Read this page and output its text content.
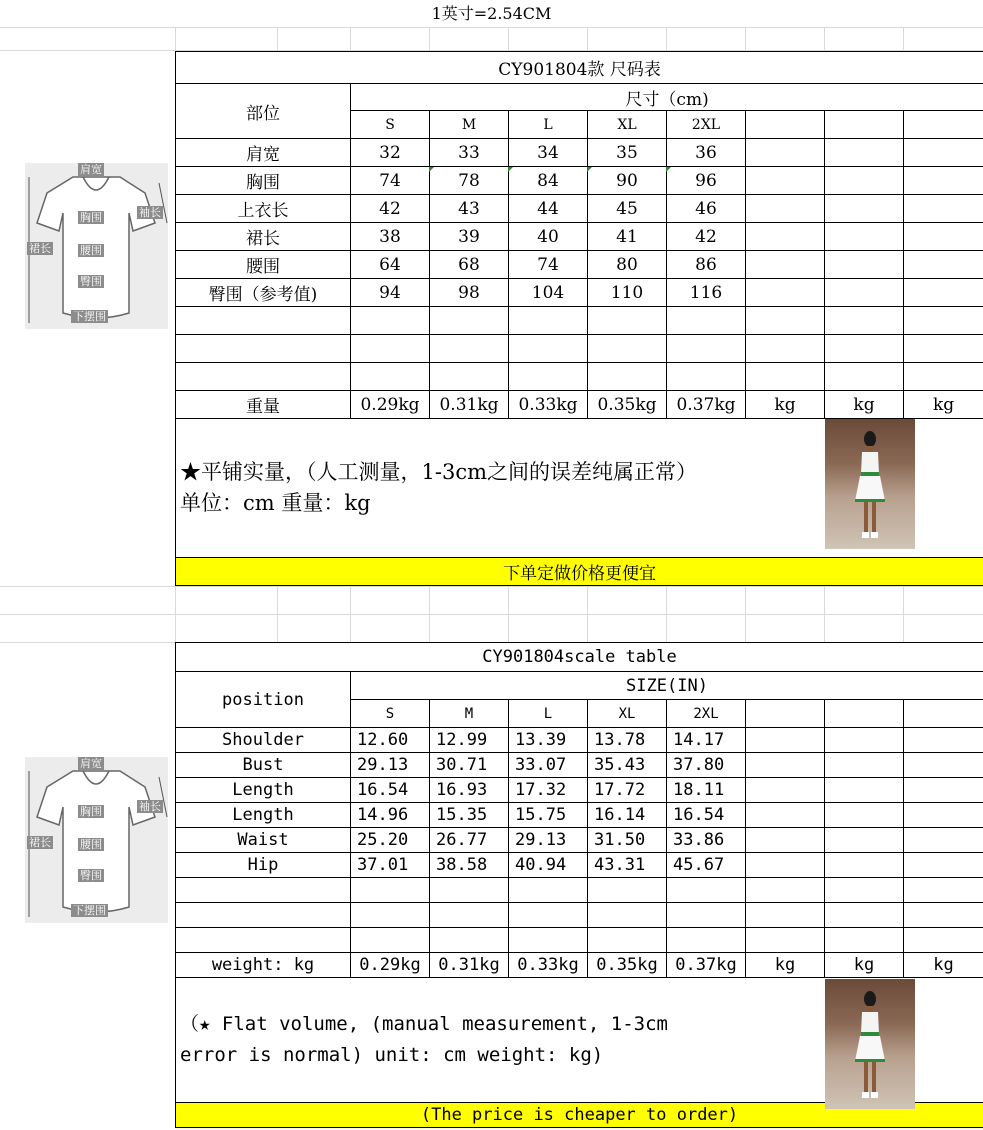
1英寸=2.54CM
CY901804款 尺码表								
部位	尺寸（cm)							
	S	M	L	XL	2XL			
肩宽	32	33	34	35	36			
胸围	74	78	84	90	96			
上衣长	42	43	44	45	46			
裙长	38	39	40	41	42			
腰围	64	68	74	80	86			
臀围（参考值)	94	98	104	110	116			

重量	0.29kg	0.31kg	0.33kg	0.35kg	0.37kg	kg	kg	kg

★平铺实量，（人工测量，1-3cm之间的误差纯属正常）
单位：cm 重量：kg								

下单定做价格更便宜								
肩宽
袖长
胸围
裙长	腰围
臀围
下摆围
CY901804scale table								
position	SIZE(IN)							
	S	M	L	XL	2XL			
Shoulder	12.60	12.99	13.39	13.78	14.17			
Bust	29.13	30.71	33.07	35.43	37.80			
Length	16.54	16.93	17.32	17.72	18.11			
Length	14.96	15.35	15.75	16.14	16.54			
Waist	25.20	26.77	29.13	31.50	33.86			
Hip	37.01	38.58	40.94	43.31	45.67			

weight: kg	0.29kg	0.31kg	0.33kg	0.35kg	0.37kg	kg	kg	kg

（★ Flat volume, (manual measurement, 1-3cm
error is normal) unit: cm weight: kg)								

(The price is cheaper to order)								
肩宽
袖长
胸围
裙长	腰围
臀围
下摆围
